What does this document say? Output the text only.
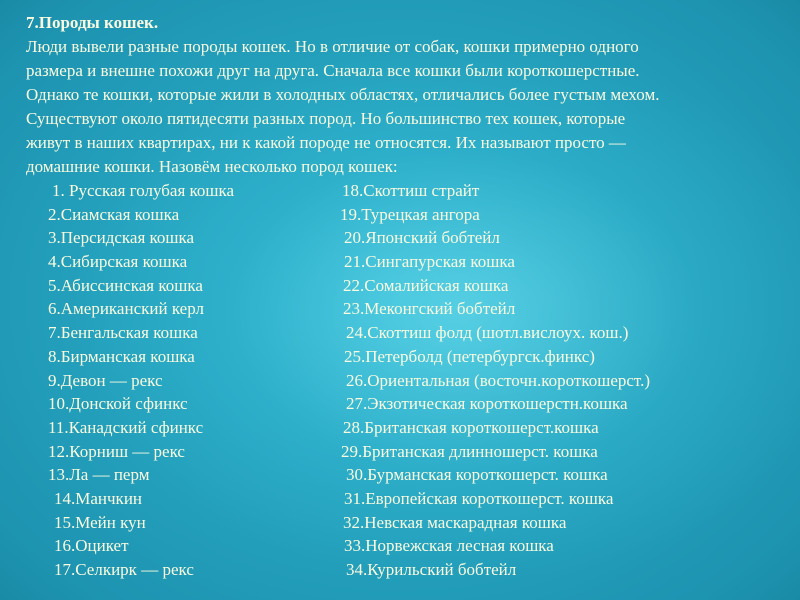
7.Породы кошек.
Люди вывели разные породы кошек. Но в отличие от собак, кошки примерно одного
размера и внешне похожи друг на друга. Сначала все кошки были короткошерстные.
Однако те кошки, которые жили в холодных областях, отличались более густым мехом.
Существуют около пятидесяти разных пород. Но большинство тех кошек, которые
живут в наших квартирах, ни к какой породе не относятся. Их называют просто —
домашние кошки. Назовём несколько пород кошек:
1. Русская голубая кошка	18.Скоттиш страйт
2.Сиамская кошка	19.Турецкая ангора
3.Персидская кошка	20.Японский бобтейл
4.Сибирская кошка	21.Сингапурская кошка
5.Абиссинская кошка	22.Сомалийская кошка
6.Американский керл	23.Меконгский бобтейл
7.Бенгальская кошка	24.Скоттиш фолд (шотл.вислоух. кош.)
8.Бирманская кошка	25.Петерболд (петербургск.финкс)
9.Девон — рекс	26.Ориентальная (восточн.короткошерст.)
10.Донской сфинкс	27.Экзотическая короткошерстн.кошка
11.Канадский сфинкс	28.Британская короткошерст.кошка
12.Корниш — рекс	29.Британская длинношерст. кошка
13.Ла — перм	30.Бурманская короткошерст. кошка
14.Манчкин	31.Европейская короткошерст. кошка
15.Мейн кун	32.Невская маскарадная кошка
16.Оцикет	33.Норвежская лесная кошка
17.Селкирк — рекс	34.Курильский бобтейл
